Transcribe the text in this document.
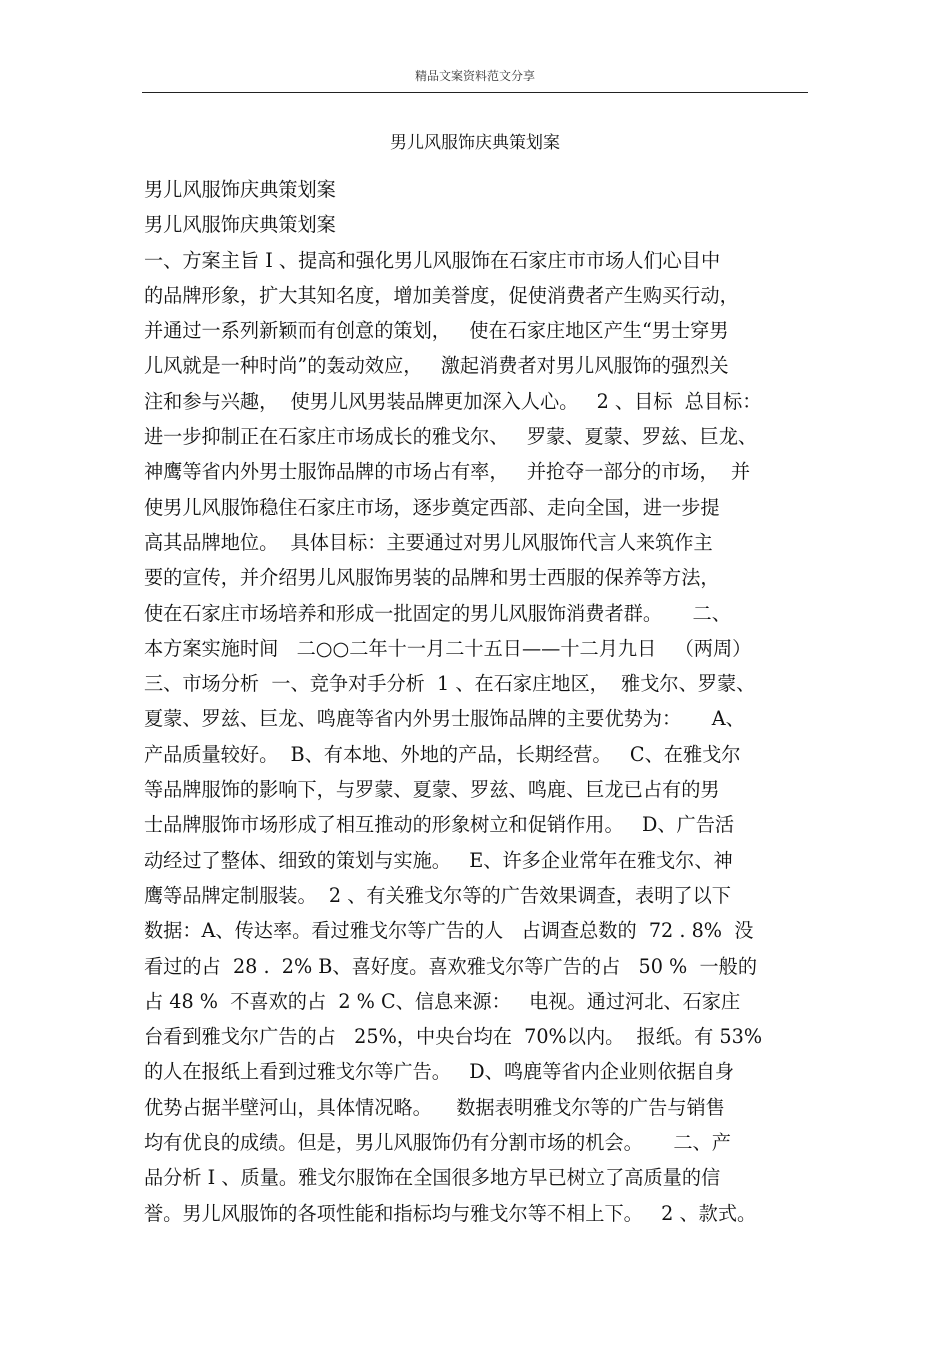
精品文案资料范文分享
男儿风服饰庆典策划案
男儿风服饰庆典策划案
男儿风服饰庆典策划案
一、方案主旨 Ⅰ 、提高和强化男儿风服饰在石家庄市市场人们心目中
的品牌形象，扩大其知名度，增加美誉度，促使消费者产生购买行动，
并通过一系列新颖而有创意的策划，   使在石家庄地区产生“男士穿男
儿风就是一种时尚”的轰动效应，   激起消费者对男儿风服饰的强烈关
注和参与兴趣，  使男儿风男装品牌更加深入人心。   2 、目标  总目标：
进一步抑制正在石家庄市场成长的雅戈尔、   罗蒙、夏蒙、罗兹、巨龙、
神鹰等省内外男士服饰品牌的市场占有率，   并抢夺一部分的市场，  并
使男儿风服饰稳住石家庄市场，逐步奠定西部、走向全国，进一步提
高其品牌地位。  具体目标：主要通过对男儿风服饰代言人来筑作主
要的宣传，并介绍男儿风服饰男装的品牌和男士西服的保养等方法，
使在石家庄市场培养和形成一批固定的男儿风服饰消费者群。     二、
本方案实施时间   二○○二年十一月二十五日——十二月九日   （两周）
三、市场分析  一、竞争对手分析  1 、在石家庄地区，  雅戈尔、罗蒙、
夏蒙、罗兹、巨龙、鸣鹿等省内外男士服饰品牌的主要优势为：     A、
产品质量较好。  B、有本地、外地的产品，长期经营。   C、在雅戈尔
等品牌服饰的影响下，与罗蒙、夏蒙、罗兹、鸣鹿、巨龙已占有的男
士品牌服饰市场形成了相互推动的形象树立和促销作用。   D、广告活
动经过了整体、细致的策划与实施。   E、许多企业常年在雅戈尔、神
鹰等品牌定制服装。  2 、有关雅戈尔等的广告效果调查，表明了以下
数据：A、传达率。看过雅戈尔等广告的人   占调查总数的  72 . 8%  没
看过的占  28 .  2% B、喜好度。喜欢雅戈尔等广告的占   50 %  一般的
占 48 %  不喜欢的占  2 % C、信息来源：   电视。通过河北、石家庄
台看到雅戈尔广告的占   25%，中央台均在  70%以内。  报纸。有 53%
的人在报纸上看到过雅戈尔等广告。   D、鸣鹿等省内企业则依据自身
优势占据半壁河山，具体情况略。    数据表明雅戈尔等的广告与销售
均有优良的成绩。但是，男儿风服饰仍有分割市场的机会。     二、产
品分析 Ⅰ 、质量。雅戈尔服饰在全国很多地方早已树立了高质量的信
誉。男儿风服饰的各项性能和指标均与雅戈尔等不相上下。   2 、款式。
